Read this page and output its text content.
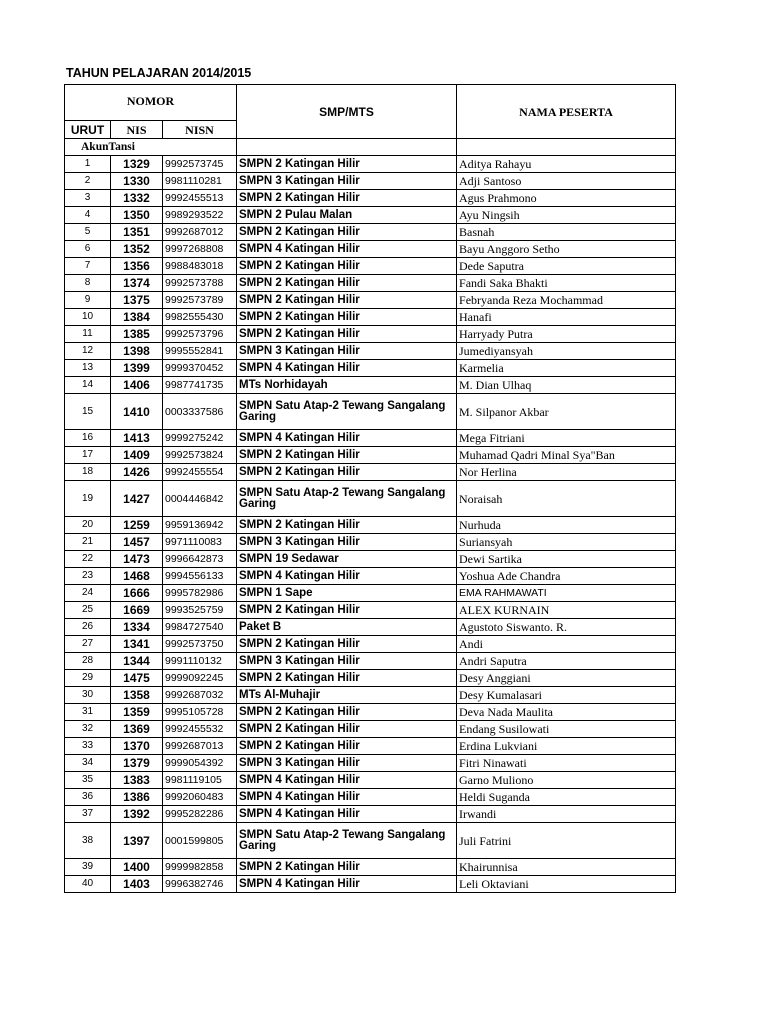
TAHUN PELAJARAN 2014/2015
NOMOR			SMP/MTS	NAMA PESERTA
URUT	NIS	NISN		
AkunTansi				
1	1329	9992573745	SMPN 2 Katingan Hilir	Aditya Rahayu
2	1330	9981110281	SMPN 3 Katingan Hilir	Adji Santoso
3	1332	9992455513	SMPN 2 Katingan Hilir	Agus Prahmono
4	1350	9989293522	SMPN 2 Pulau Malan	Ayu Ningsih
5	1351	9992687012	SMPN 2 Katingan Hilir	Basnah
6	1352	9997268808	SMPN 4 Katingan Hilir	Bayu Anggoro Setho
7	1356	9988483018	SMPN 2 Katingan Hilir	Dede Saputra
8	1374	9992573788	SMPN 2 Katingan Hilir	Fandi Saka Bhakti
9	1375	9992573789	SMPN 2 Katingan Hilir	Febryanda Reza Mochammad
10	1384	9982555430	SMPN 2 Katingan Hilir	Hanafi
11	1385	9992573796	SMPN 2 Katingan Hilir	Harryady Putra
12	1398	9995552841	SMPN 3 Katingan Hilir	Jumediyansyah
13	1399	9999370452	SMPN 4 Katingan Hilir	Karmelia
14	1406	9987741735	MTs Norhidayah	M. Dian Ulhaq
15	1410	0003337586	SMPN Satu Atap-2 Tewang Sangalang Garing	M. Silpanor Akbar
16	1413	9999275242	SMPN 4 Katingan Hilir	Mega Fitriani
17	1409	9992573824	SMPN 2 Katingan Hilir	Muhamad Qadri Minal Sya"Ban
18	1426	9992455554	SMPN 2 Katingan Hilir	Nor Herlina
19	1427	0004446842	SMPN Satu Atap-2 Tewang Sangalang Garing	Noraisah
20	1259	9959136942	SMPN 2 Katingan Hilir	Nurhuda
21	1457	9971110083	SMPN 3 Katingan Hilir	Suriansyah
22	1473	9996642873	SMPN 19 Sedawar	Dewi Sartika
23	1468	9994556133	SMPN 4 Katingan Hilir	Yoshua Ade Chandra
24	1666	9995782986	SMPN 1 Sape	EMA RAHMAWATI
25	1669	9993525759	SMPN 2 Katingan Hilir	ALEX KURNAIN
26	1334	9984727540	Paket B	Agustoto Siswanto. R.
27	1341	9992573750	SMPN 2 Katingan Hilir	Andi
28	1344	9991110132	SMPN 3 Katingan Hilir	Andri Saputra
29	1475	9999092245	SMPN 2 Katingan Hilir	Desy Anggiani
30	1358	9992687032	MTs Al-Muhajir	Desy Kumalasari
31	1359	9995105728	SMPN 2 Katingan Hilir	Deva Nada Maulita
32	1369	9992455532	SMPN 2 Katingan Hilir	Endang Susilowati
33	1370	9992687013	SMPN 2 Katingan Hilir	Erdina Lukviani
34	1379	9999054392	SMPN 3 Katingan Hilir	Fitri Ninawati
35	1383	9981119105	SMPN 4 Katingan Hilir	Garno Muliono
36	1386	9992060483	SMPN 4 Katingan Hilir	Heldi Suganda
37	1392	9995282286	SMPN 4 Katingan Hilir	Irwandi
38	1397	0001599805	SMPN Satu Atap-2 Tewang Sangalang Garing	Juli Fatrini
39	1400	9999982858	SMPN 2 Katingan Hilir	Khairunnisa
40	1403	9996382746	SMPN 4 Katingan Hilir	Leli Oktaviani
